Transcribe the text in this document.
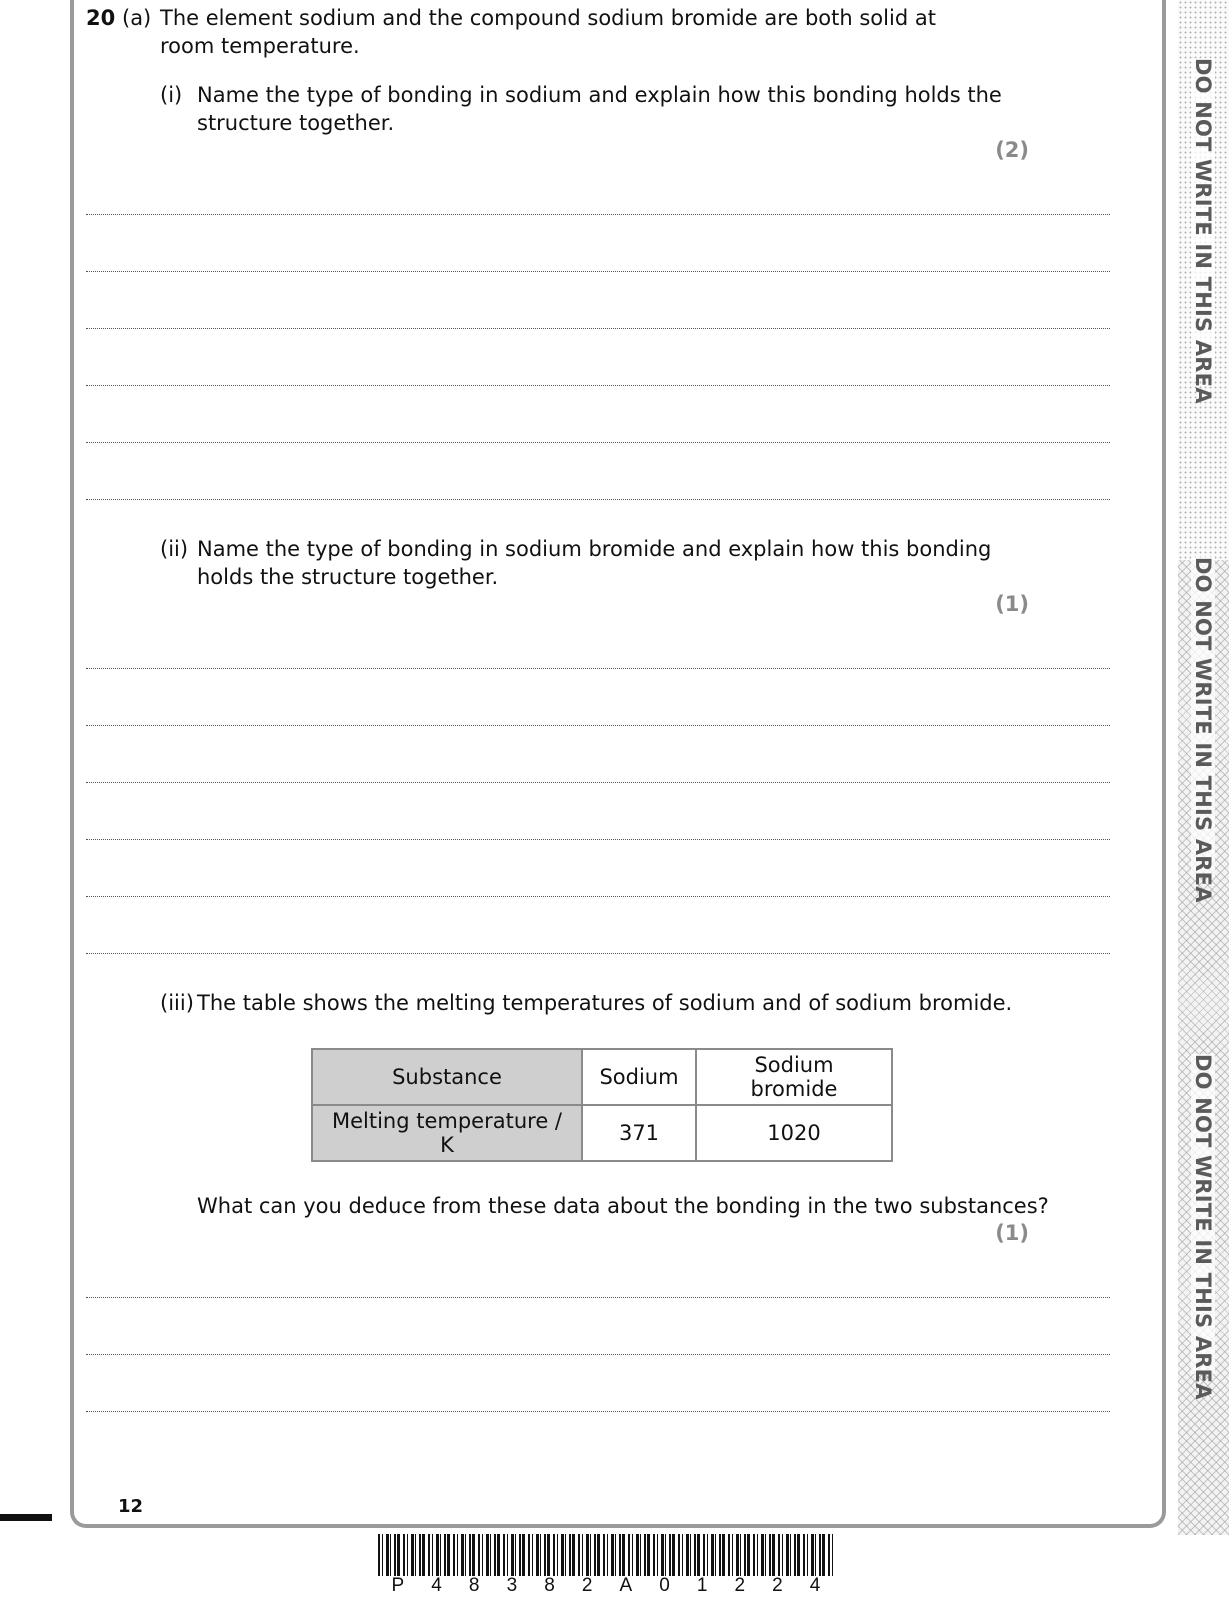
DO NOT WRITE IN THIS AREA
DO NOT WRITE IN THIS AREA
DO NOT WRITE IN THIS AREA
20 (a) The element sodium and the compound sodium bromide are both solid at
room temperature.
(i) Name the type of bonding in sodium and explain how this bonding holds the
structure together.
(2)
(ii) Name the type of bonding in sodium bromide and explain how this bonding
holds the structure together.
(1)
(iii) The table shows the melting temperatures of sodium and of sodium bromide.
Substance	Sodium	Sodium bromide
Melting temperature / K	371	1020
What can you deduce from these data about the bonding in the two substances?
(1)
12
P 4 8 3 8 2 A 0 1 2 2 4
